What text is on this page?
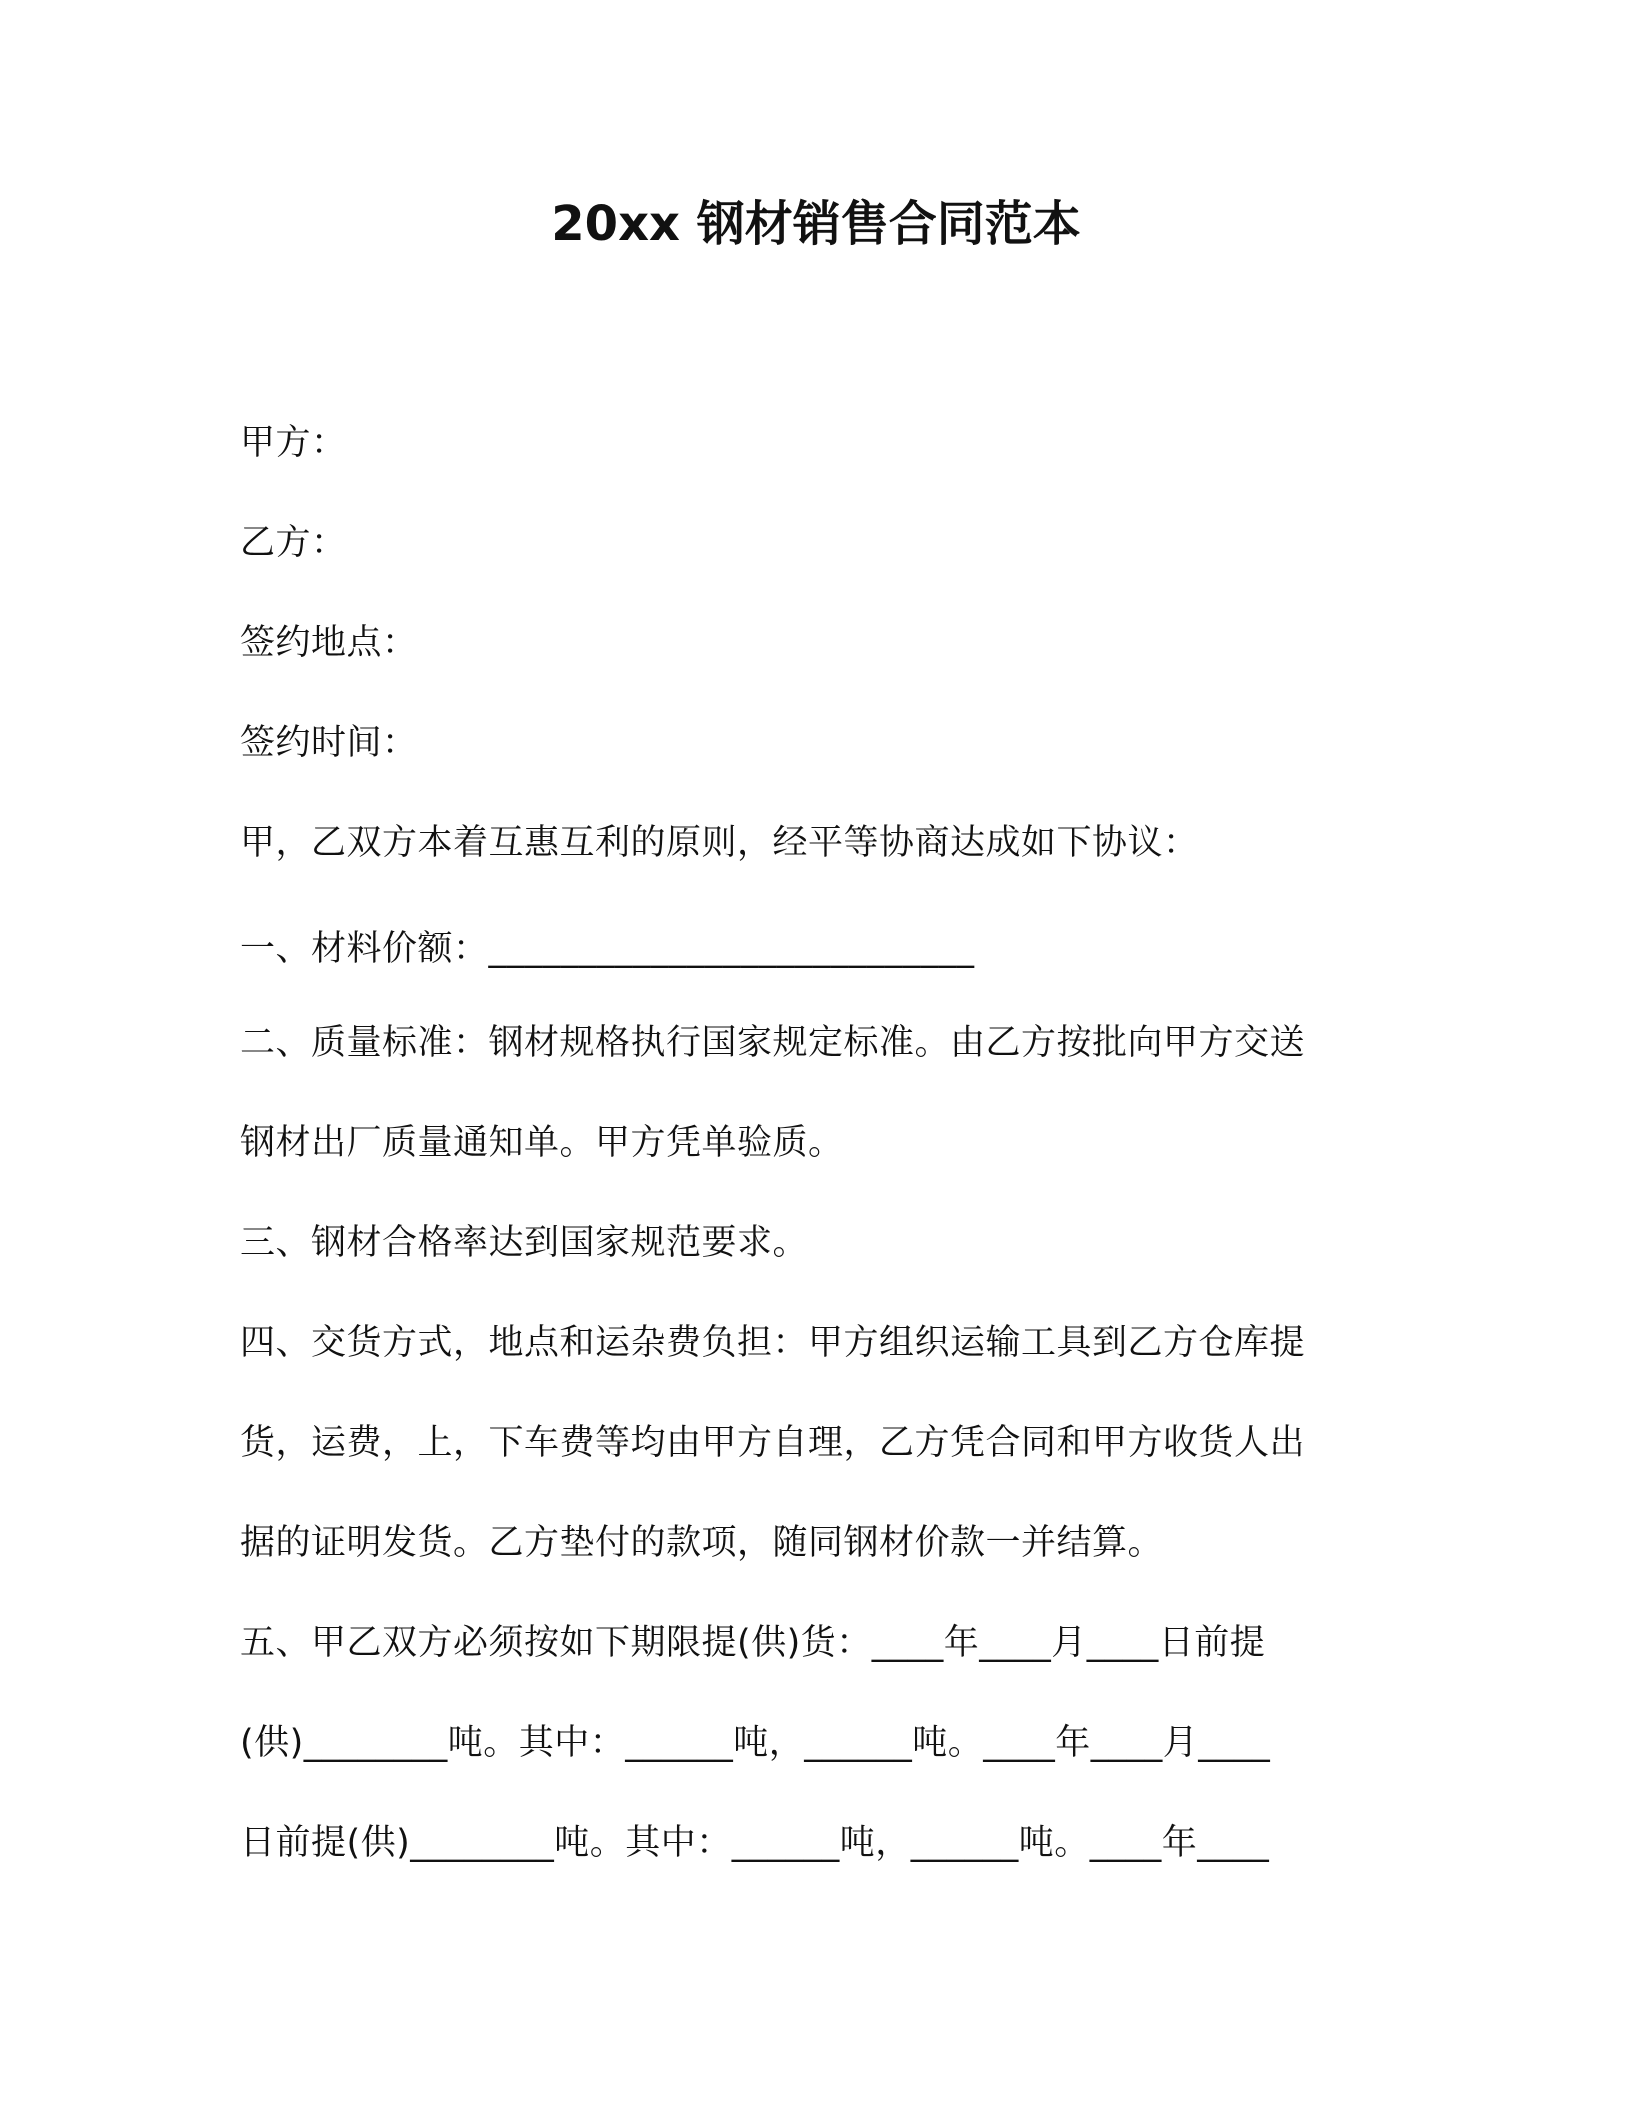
20xx 钢材销售合同范本
甲方：
乙方：
签约地点：
签约时间：
甲，乙双方本着互惠互利的原则，经平等协商达成如下协议：
一、材料价额：___________________________
二、质量标准：钢材规格执行国家规定标准。由乙方按批向甲方交送
钢材出厂质量通知单。甲方凭单验质。
三、钢材合格率达到国家规范要求。
四、交货方式，地点和运杂费负担：甲方组织运输工具到乙方仓库提
货，运费，上，下车费等均由甲方自理，乙方凭合同和甲方收货人出
据的证明发货。乙方垫付的款项，随同钢材价款一并结算。
五、甲乙双方必须按如下期限提(供)货：____年____月____日前提
(供)________吨。其中：______吨，______吨。____年____月____
日前提(供)________吨。其中：______吨，______吨。____年____
